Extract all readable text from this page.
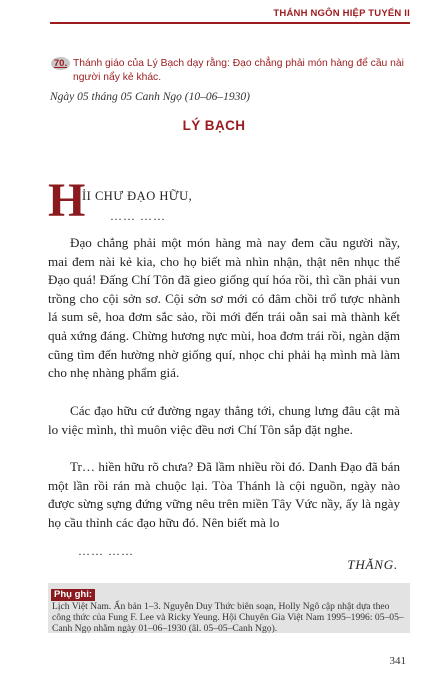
THÁNH NGÔN HIỆP TUYỂN II
70. Thánh giáo của Lý Bạch dạy rằng: Đạo chẳng phải món hàng để cầu nài người nẩy kẻ khác.
Ngày 05 tháng 05 Canh Ngọ (10–06–1930)
LÝ BẠCH
H
ỈI CHƯ ĐẠO HỮU,
…… ……

Đạo chẳng phải một món hàng mà nay đem cầu người nầy, mai đem nài kẻ kia, cho họ biết mà nhìn nhận, thật nên nhục thể Đạo quá! Đấng Chí Tôn đã gieo giống quí hóa rồi, thì cần phải vun trồng cho cội sởn sơ. Cội sởn sơ mới có đâm chồi trổ tược nhành lá sum sê, hoa đơm sắc sảo, rồi mới đến trái oằn sai mà thành kết quả xứng đáng. Chừng hương nực mùi, hoa đơm trái rồi, ngàn dặm cũng tìm đến hường nhờ giống quí, nhọc chi phải hạ mình mà làm cho nhẹ nhàng phẩm giá.

Các đạo hữu cứ đường ngay thẳng tới, chung lưng đâu cật mà lo việc mình, thì muôn việc đều nơi Chí Tôn sắp đặt nghe.

Tr… hiền hữu rõ chưa? Đã lầm nhiều rồi đó. Danh Đạo đã bán một lần rồi rán mà chuộc lại. Tòa Thánh là cội nguồn, ngày nào được sừng sựng đứng vững nêu trên miền Tây Vức nầy, ấy là ngày họ cầu thỉnh các đạo hữu đó. Nên biết mà lo

…… ……
THĂNG.
Phụ ghi:
Lịch Việt Nam. Ấn bản 1–3. Nguyễn Duy Thức biên soạn, Holly Ngô cập nhật dựa theo công thức của Fung F. Lee và Ricky Yeung. Hội Chuyên Gia Việt Nam 1995–1996: 05–05–Canh Ngọ nhằm ngày 01–06–1930 (âl. 05–05–Canh Ngọ).
341
